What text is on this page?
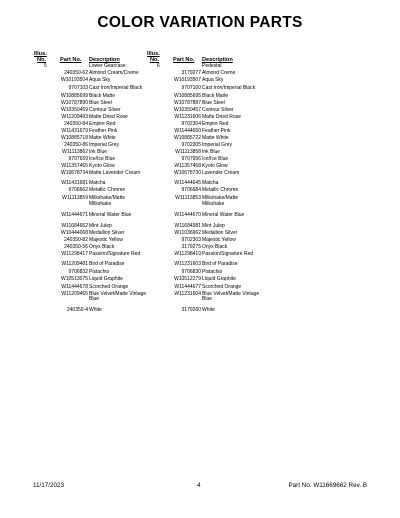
COLOR VARIATION PARTS
Illus.
No. Part No. Description
5	Lower Gearcase
240350-62 Almond Cream/Creme
W10193504 Aqua Sky
9707103 Cast Iron/Imperial Black
W10885699 Black Matte
W10787890 Blue Steel
W10350459 Contour Silver
W11209493 Matte Dried Rose
240350-84 Empire Red
W11431679 Feather Pink
W10885718 Matte White
240350-86 Imperial Grey
W11113862 Ink Blue
9707659 Ice/Ice Blue
W11357465 Kyoto Glow
W10678734 Matte Lavender Cream
W11431681 Matcha
9706662 Metallic Chrome
W11113859 Milkshake/Matte Milkshake
W11444671 Mineral Water Blue
W11684662 Mint Julep
W10444068 Medallion Silver
240350-82 Majestic Yellow
240350-56 Onyx Black
W11298417 Passion/Signature Red
W11209481 Bird of Paradise
9706832 Pistachio
W10513075 Liquid Graphite
W11444678 Scorched Orange
W11209465 Blue Velvet/Matte Vintage Blue
240350-4 White
Illus.
No. Part No. Description
6	Pedestal
3179277 Almond Creme
W10193507 Aqua Sky
9707100 Cast Iron/Imperial Black
W10885695 Black Matte
W10787887 Blue Steel
W10350457 Contour Silver
W11231606 Matte Dried Rose
9702304 Empire Red
W11444650 Feather Pink
W10885722 Matte White
9702305 Imperial Grey
W11113858 Ink Blue
9707656 Ice/Ice Blue
W11357468 Kyoto Glow
W10678730 Lavender Cream
W11444645 Matcha
9706684 Metallic Chrome
W11113853 Milkshake/Matte Milkshake
W11444670 Mineral Water Blue
W11684981 Mint Julep
W11036962 Medallion Silver
9702303 Majestic Yellow
3179275 Onyx Black
W11298419 Passion/Signature Red
W11231603 Bird of Paradise
9706830 Pistachio
W10512279 Liquid Graphite
W11444677 Scorched Orange
W11231604 Blue Velvet/Matte Vintage Blue
3179260 White
11/17/2023	4	Part No. W11669662 Rev. B
